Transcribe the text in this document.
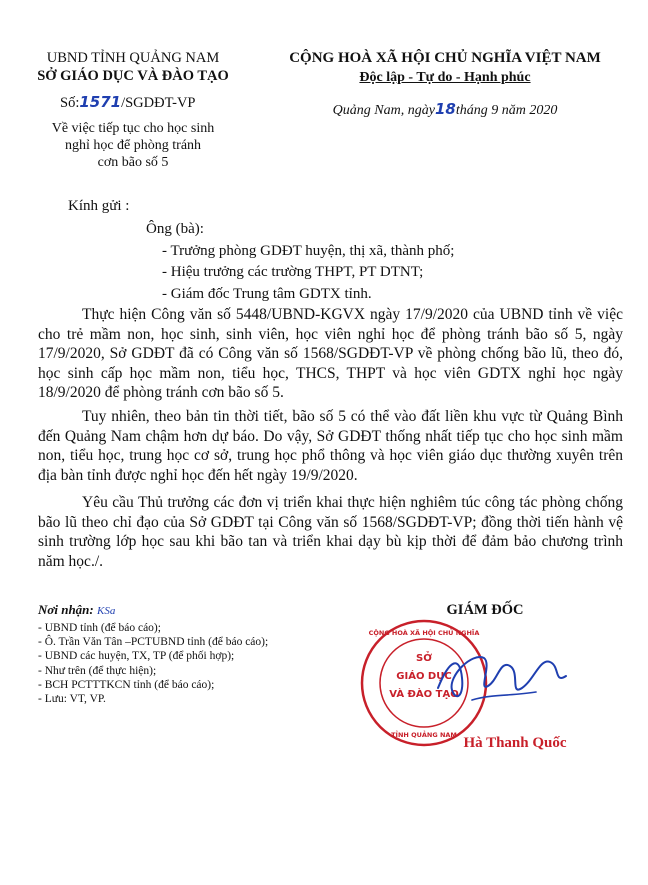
UBND TỈNH QUẢNG NAM
SỞ GIÁO DỤC VÀ ĐÀO TẠO
Số:1571/SGDĐT-VP
Về việc tiếp tục cho học sinh
nghỉ học để phòng tránh
cơn bão số 5
CỘNG HOÀ XÃ HỘI CHỦ NGHĨA VIỆT NAM
Độc lập - Tự do - Hạnh phúc
Quảng Nam, ngày18tháng 9 năm 2020
Kính gửi :
Ông (bà):
- Trưởng phòng GDĐT huyện, thị xã, thành phố;
- Hiệu trưởng các trường THPT, PT DTNT;
- Giám đốc Trung tâm GDTX tỉnh.
Thực hiện Công văn số 5448/UBND-KGVX ngày 17/9/2020 của UBND tỉnh về việc cho trẻ mầm non, học sinh, sinh viên, học viên nghỉ học để phòng tránh bão số 5, ngày 17/9/2020, Sở GDĐT đã có Công văn số 1568/SGDĐT-VP về phòng chống bão lũ, theo đó, học sinh cấp học mầm non, tiểu học, THCS, THPT và học viên GDTX nghỉ học ngày 18/9/2020 để phòng tránh cơn bão số 5.
Tuy nhiên, theo bản tin thời tiết, bão số 5 có thể vào đất liền khu vực từ Quảng Bình đến Quảng Nam chậm hơn dự báo. Do vậy, Sở GDĐT thống nhất tiếp tục cho học sinh mầm non, tiểu học, trung học cơ sở, trung học phổ thông và học viên giáo dục thường xuyên trên địa bàn tỉnh được nghỉ học đến hết ngày 19/9/2020.
Yêu cầu Thủ trưởng các đơn vị triển khai thực hiện nghiêm túc công tác phòng chống bão lũ theo chỉ đạo của Sở GDĐT tại Công văn số 1568/SGDĐT-VP; đồng thời tiến hành vệ sinh trường lớp học sau khi bão tan và triển khai dạy bù kịp thời để đảm bảo chương trình năm học./.
Nơi nhận: KSa
- UBND tỉnh (để báo cáo);
- Ô. Trần Văn Tân –PCTUBND tỉnh (để báo cáo);
- UBND các huyện, TX, TP (để phối hợp);
- Như trên (để thực hiện);
- BCH PCTTTKCN tỉnh (để báo cáo);
- Lưu: VT, VP.
GIÁM ĐỐC
SỞ
GIÁO DỤC
VÀ ĐÀO TẠO
CỘNG HOÀ XÃ HỘI CHỦ NGHĨA
TỈNH QUẢNG NAM Hà Thanh Quốc
